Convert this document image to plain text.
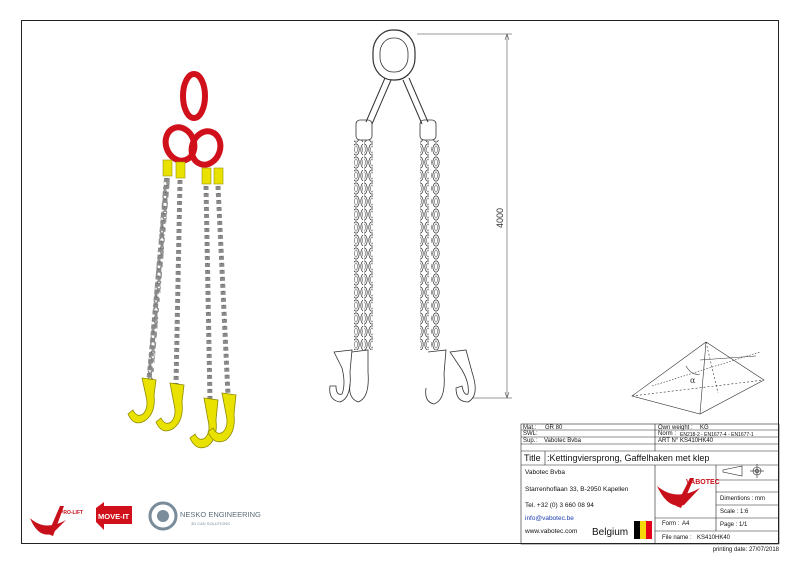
4000
α
VABOTEC
PRO-LIFT MOVE-IT	NESKO ENGINEERING
3D CAD SOLUTIONS
Mat.: GR 80	Own weight : KG
SWL:	Norm : EN218-2 - EN1677-4 - EN1677-1
Sup.: Vabotec Bvba	ART N° KS410HK40
Title :Kettingviersprong, Gaffelhaken met klep
Vabotec Bvba
Starrenhoflaan 33, B-2950 Kapellen
Tel. +32 (0) 3 660 08 94
info@vabotec.be
www.vabotec.com Belgium
Form : A4
File name : KS410HK40
Dimentions : mm
Scale : 1:6
Page : 1/1
printing date: 27/07/2018
